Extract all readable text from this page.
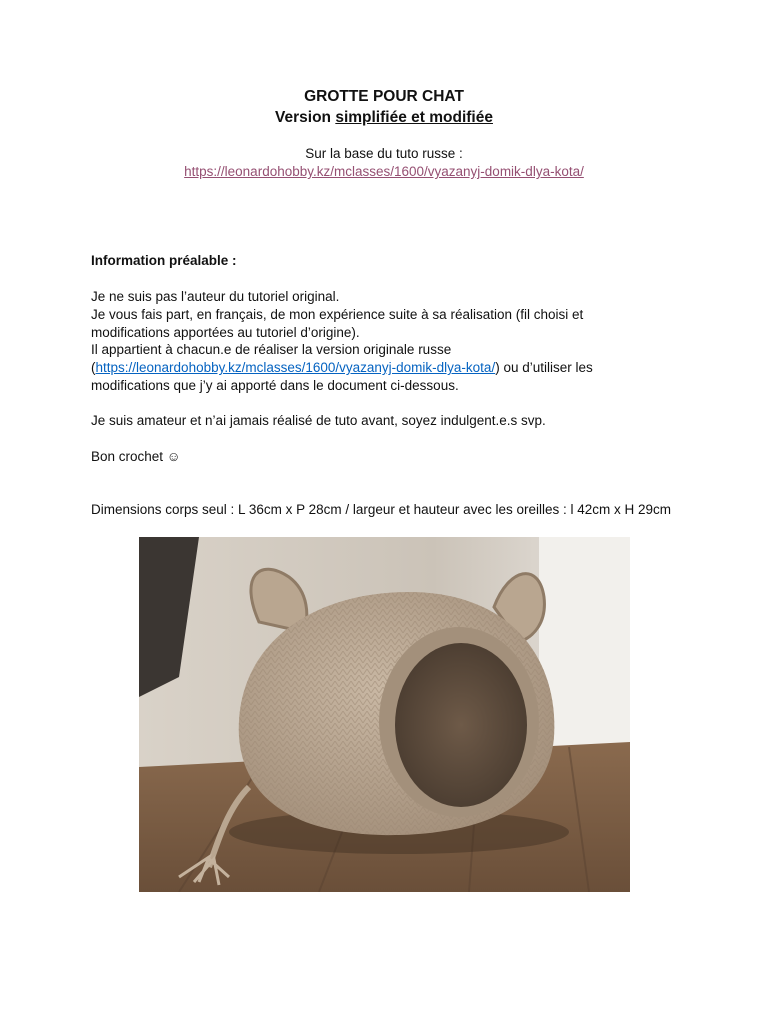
GROTTE POUR CHAT
Version simplifiée et modifiée
Sur la base du tuto russe :
https://leonardohobby.kz/mclasses/1600/vyazanyj-domik-dlya-kota/
Information préalable :
Je ne suis pas l’auteur du tutoriel original.
Je vous fais part, en français, de mon expérience suite à sa réalisation (fil choisi et
modifications apportées au tutoriel d’origine).
Il appartient à chacun.e de réaliser la version originale russe
(https://leonardohobby.kz/mclasses/1600/vyazanyj-domik-dlya-kota/) ou d’utiliser les
modifications que j’y ai apporté dans le document ci-dessous.
Je suis amateur et n’ai jamais réalisé de tuto avant, soyez indulgent.e.s svp.
Bon crochet ☺
Dimensions corps seul : L 36cm x P 28cm / largeur et hauteur avec les oreilles : l 42cm x H 29cm
